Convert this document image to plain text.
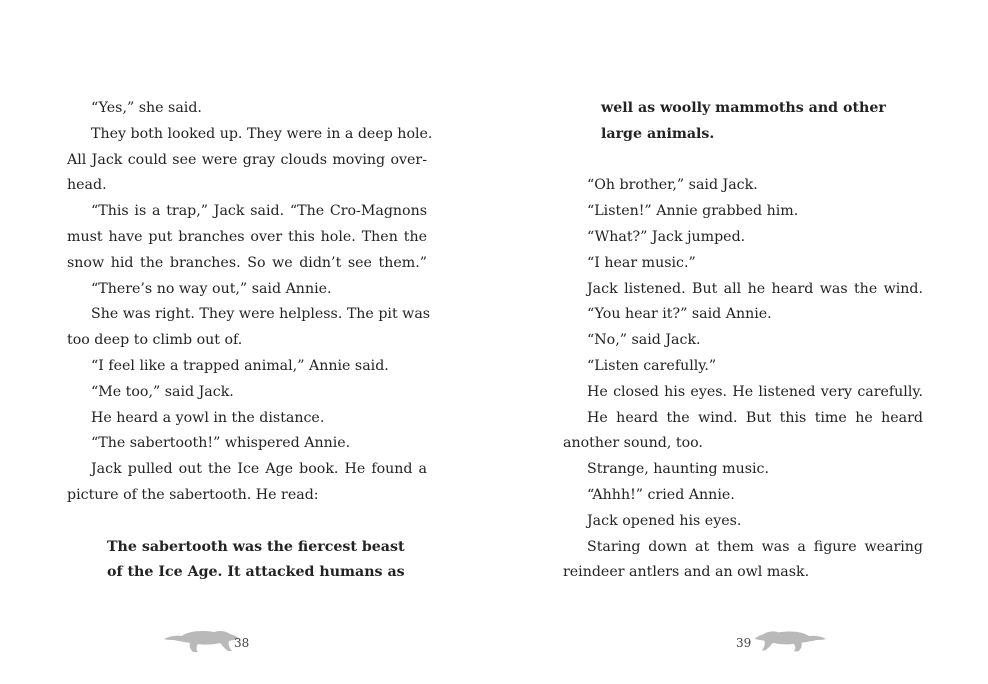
“Yes,” she said.
They both looked up. They were in a deep hole.
All Jack could see were gray clouds moving over-
head.
“This is a trap,” Jack said. “The Cro-Magnons
must have put branches over this hole. Then the
snow hid the branches. So we didn’t see them.”
“There’s no way out,” said Annie.
She was right. They were helpless. The pit was
too deep to climb out of.
“I feel like a trapped animal,” Annie said.
“Me too,” said Jack.
He heard a yowl in the distance.
“The sabertooth!” whispered Annie.
Jack pulled out the Ice Age book. He found a
picture of the sabertooth. He read:
The sabertooth was the fiercest beast
of the Ice Age. It attacked humans as
well as woolly mammoths and other
large animals.
“Oh brother,” said Jack.
“Listen!” Annie grabbed him.
“What?” Jack jumped.
“I hear music.”
Jack listened. But all he heard was the wind.
“You hear it?” said Annie.
“No,” said Jack.
“Listen carefully.”
He closed his eyes. He listened very carefully.
He heard the wind. But this time he heard
another sound, too.
Strange, haunting music.
“Ahhh!” cried Annie.
Jack opened his eyes.
Staring down at them was a figure wearing
reindeer antlers and an owl mask.
38	39
